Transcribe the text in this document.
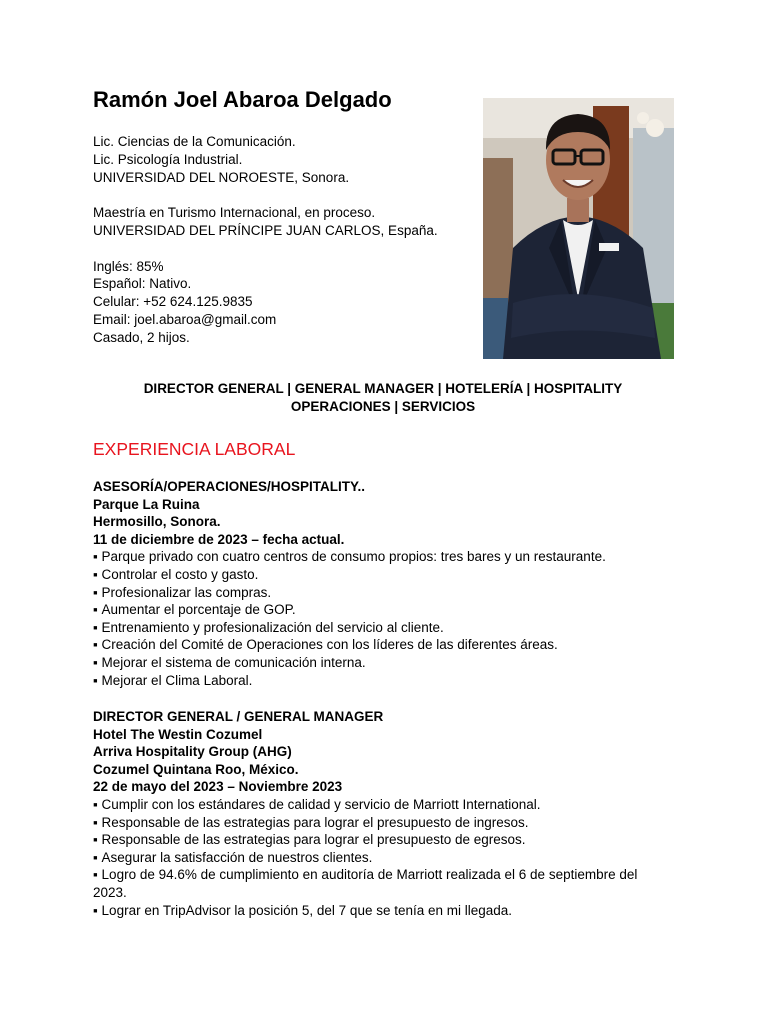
Ramón Joel Abaroa Delgado
Lic. Ciencias de la Comunicación.
Lic. Psicología Industrial.
UNIVERSIDAD DEL NOROESTE, Sonora.
Maestría en Turismo Internacional, en proceso.
UNIVERSIDAD DEL PRÍNCIPE JUAN CARLOS, España.
Inglés: 85%
Español: Nativo.
Celular: +52 624.125.9835
Email: joel.abaroa@gmail.com
Casado, 2 hijos.
DIRECTOR GENERAL | GENERAL MANAGER | HOTELERÍA | HOSPITALITY
OPERACIONES | SERVICIOS
EXPERIENCIA LABORAL
ASESORÍA/OPERACIONES/HOSPITALITY..
Parque La Ruina
Hermosillo, Sonora.
11 de diciembre de 2023 – fecha actual.
▪ Parque privado con cuatro centros de consumo propios: tres bares y un restaurante.
▪ Controlar el costo y gasto.
▪ Profesionalizar las compras.
▪ Aumentar el porcentaje de GOP.
▪ Entrenamiento y profesionalización del servicio al cliente.
▪ Creación del Comité de Operaciones con los líderes de las diferentes áreas.
▪ Mejorar el sistema de comunicación interna.
▪ Mejorar el Clima Laboral.
DIRECTOR GENERAL / GENERAL MANAGER
Hotel The Westin Cozumel
Arriva Hospitality Group (AHG)
Cozumel Quintana Roo, México.
22 de mayo del 2023 – Noviembre 2023
▪ Cumplir con los estándares de calidad y servicio de Marriott International.
▪ Responsable de las estrategias para lograr el presupuesto de ingresos.
▪ Responsable de las estrategias para lograr el presupuesto de egresos.
▪ Asegurar la satisfacción de nuestros clientes.
▪ Logro de 94.6% de cumplimiento en auditoría de Marriott realizada el 6 de septiembre del 2023.
▪ Lograr en TripAdvisor la posición 5, del 7 que se tenía en mi llegada.
